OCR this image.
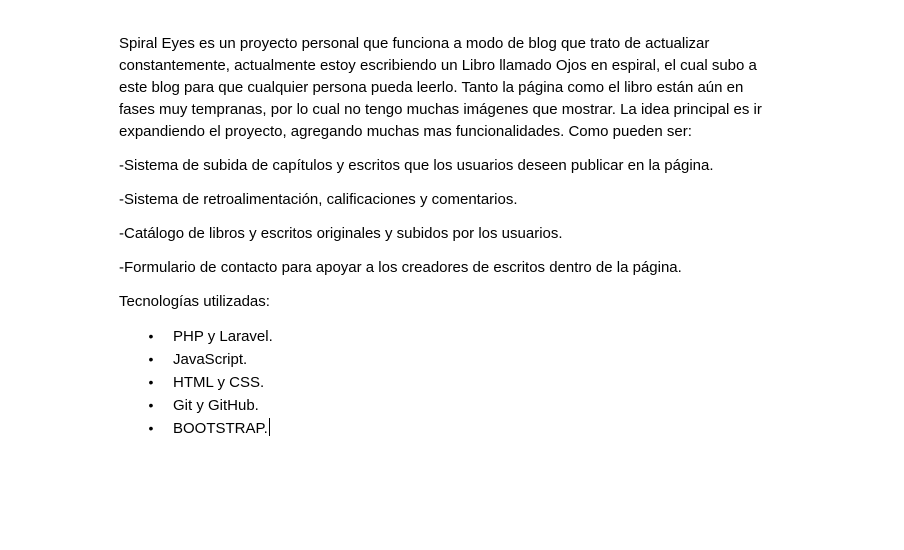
Spiral Eyes es un proyecto personal que funciona a modo de blog que trato de actualizar
constantemente, actualmente estoy escribiendo un Libro llamado Ojos en espiral, el cual subo a
este blog para que cualquier persona pueda leerlo. Tanto la página como el libro están aún en
fases muy tempranas, por lo cual no tengo muchas imágenes que mostrar. La idea principal es ir
expandiendo el proyecto, agregando muchas mas funcionalidades. Como pueden ser:

-Sistema de subida de capítulos y escritos que los usuarios deseen publicar en la página.

-Sistema de retroalimentación, calificaciones y comentarios.

-Catálogo de libros y escritos originales y subidos por los usuarios.

-Formulario de contacto para apoyar a los creadores de escritos dentro de la página.

Tecnologías utilizadas:

• PHP y Laravel.
• JavaScript.
• HTML y CSS.
• Git y GitHub.
• BOOTSTRAP.
